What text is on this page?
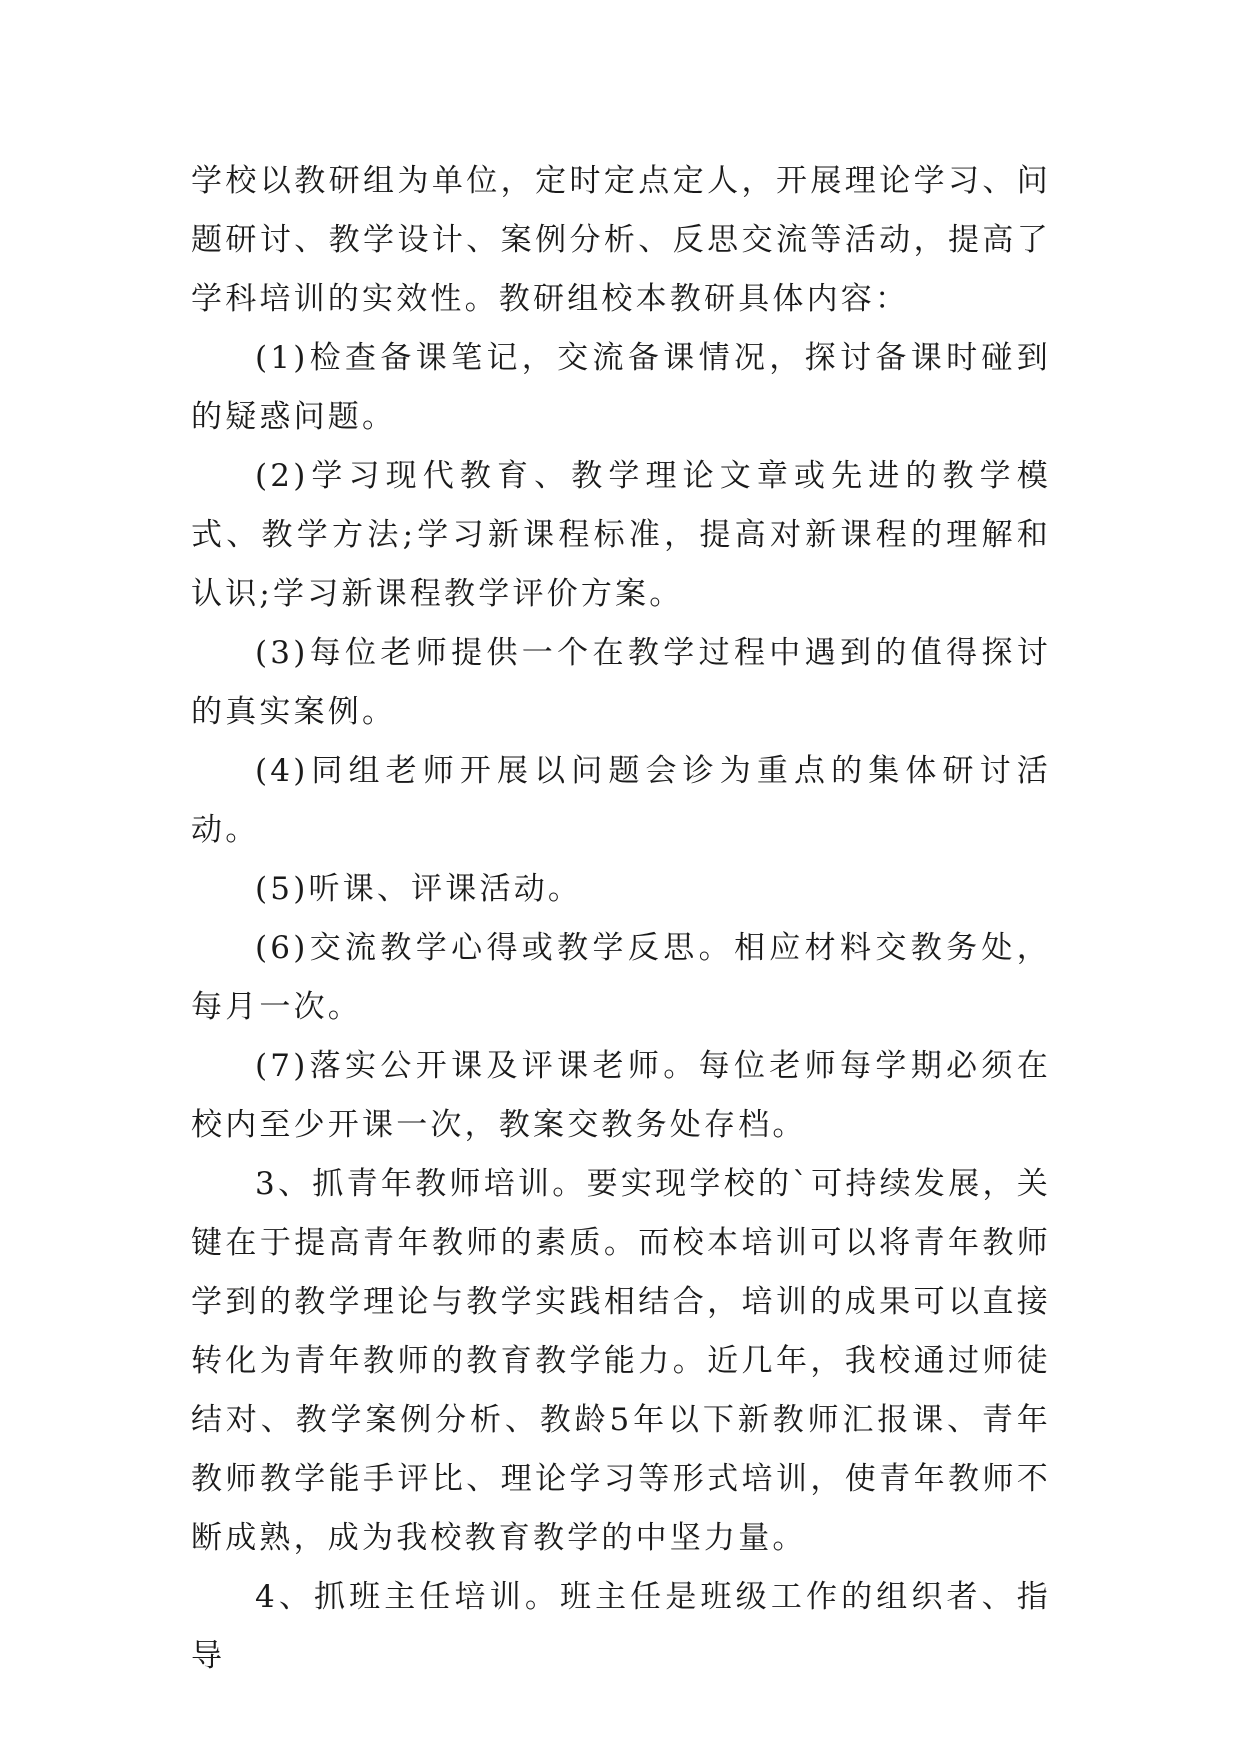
学校以教研组为单位，定时定点定人，开展理论学习、问题研讨、教学设计、案例分析、反思交流等活动，提高了学科培训的实效性。教研组校本教研具体内容：

(1)检查备课笔记，交流备课情况，探讨备课时碰到的疑惑问题。

(2)学习现代教育、教学理论文章或先进的教学模式、教学方法;学习新课程标准，提高对新课程的理解和认识;学习新课程教学评价方案。

(3)每位老师提供一个在教学过程中遇到的值得探讨的真实案例。

(4)同组老师开展以问题会诊为重点的集体研讨活动。

(5)听课、评课活动。

(6)交流教学心得或教学反思。相应材料交教务处，每月一次。

(7)落实公开课及评课老师。每位老师每学期必须在校内至少开课一次，教案交教务处存档。

3、抓青年教师培训。要实现学校的`可持续发展，关键在于提高青年教师的素质。而校本培训可以将青年教师学到的教学理论与教学实践相结合，培训的成果可以直接转化为青年教师的教育教学能力。近几年，我校通过师徒结对、教学案例分析、教龄5年以下新教师汇报课、青年教师教学能手评比、理论学习等形式培训，使青年教师不断成熟，成为我校教育教学的中坚力量。

4、抓班主任培训。班主任是班级工作的组织者、指导
